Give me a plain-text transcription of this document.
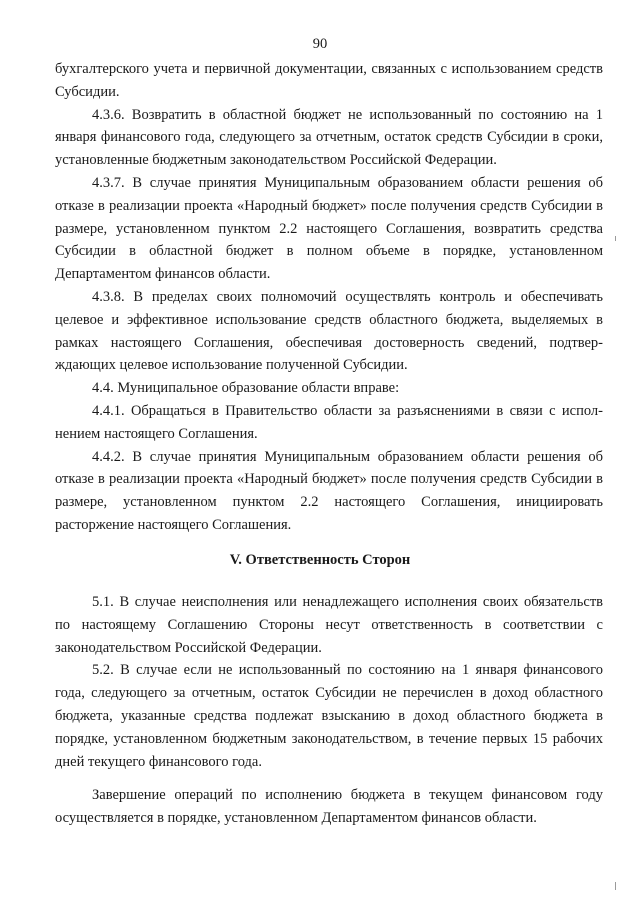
90

бухгалтерского учета и первичной документации, связанных с использованием средств Субсидии.

4.3.6. Возвратить в областной бюджет не использованный по состоянию на 1 января финансового года, следующего за отчетным, остаток средств Субсидии в сроки, установленные бюджетным законодательством Российской Федерации.

4.3.7. В случае принятия Муниципальным образованием области решения об отказе в реализации проекта «Народный бюджет» после получения средств Субсидии в размере, установленном пунктом 2.2 настоящего Соглашения, возвратить средства Субсидии в областной бюджет в полном объеме в порядке, установленном Департаментом финансов области.

4.3.8. В пределах своих полномочий осуществлять контроль и обеспечивать целевое и эффективное использование средств областного бюджета, выделяемых в рамках настоящего Соглашения, обеспечивая достоверность сведений, подтверждающих целевое использование полученной Субсидии.

4.4. Муниципальное образование области вправе:

4.4.1. Обращаться в Правительство области за разъяснениями в связи с исполнением настоящего Соглашения.

4.4.2. В случае принятия Муниципальным образованием области решения об отказе в реализации проекта «Народный бюджет» после получения средств Субсидии в размере, установленном пунктом 2.2 настоящего Соглашения, инициировать расторжение настоящего Соглашения.

V. Ответственность Сторон

5.1. В случае неисполнения или ненадлежащего исполнения своих обязательств по настоящему Соглашению Стороны несут ответственность в соответствии с законодательством Российской Федерации.

5.2. В случае если не использованный по состоянию на 1 января финансового года, следующего за отчетным, остаток Субсидии не перечислен в доход областного бюджета, указанные средства подлежат взысканию в доход областного бюджета в порядке, установленном бюджетным законодательством, в течение первых 15 рабочих дней текущего финансового года.

Завершение операций по исполнению бюджета в текущем финансовом году осуществляется в порядке, установленном Департаментом финансов области.
